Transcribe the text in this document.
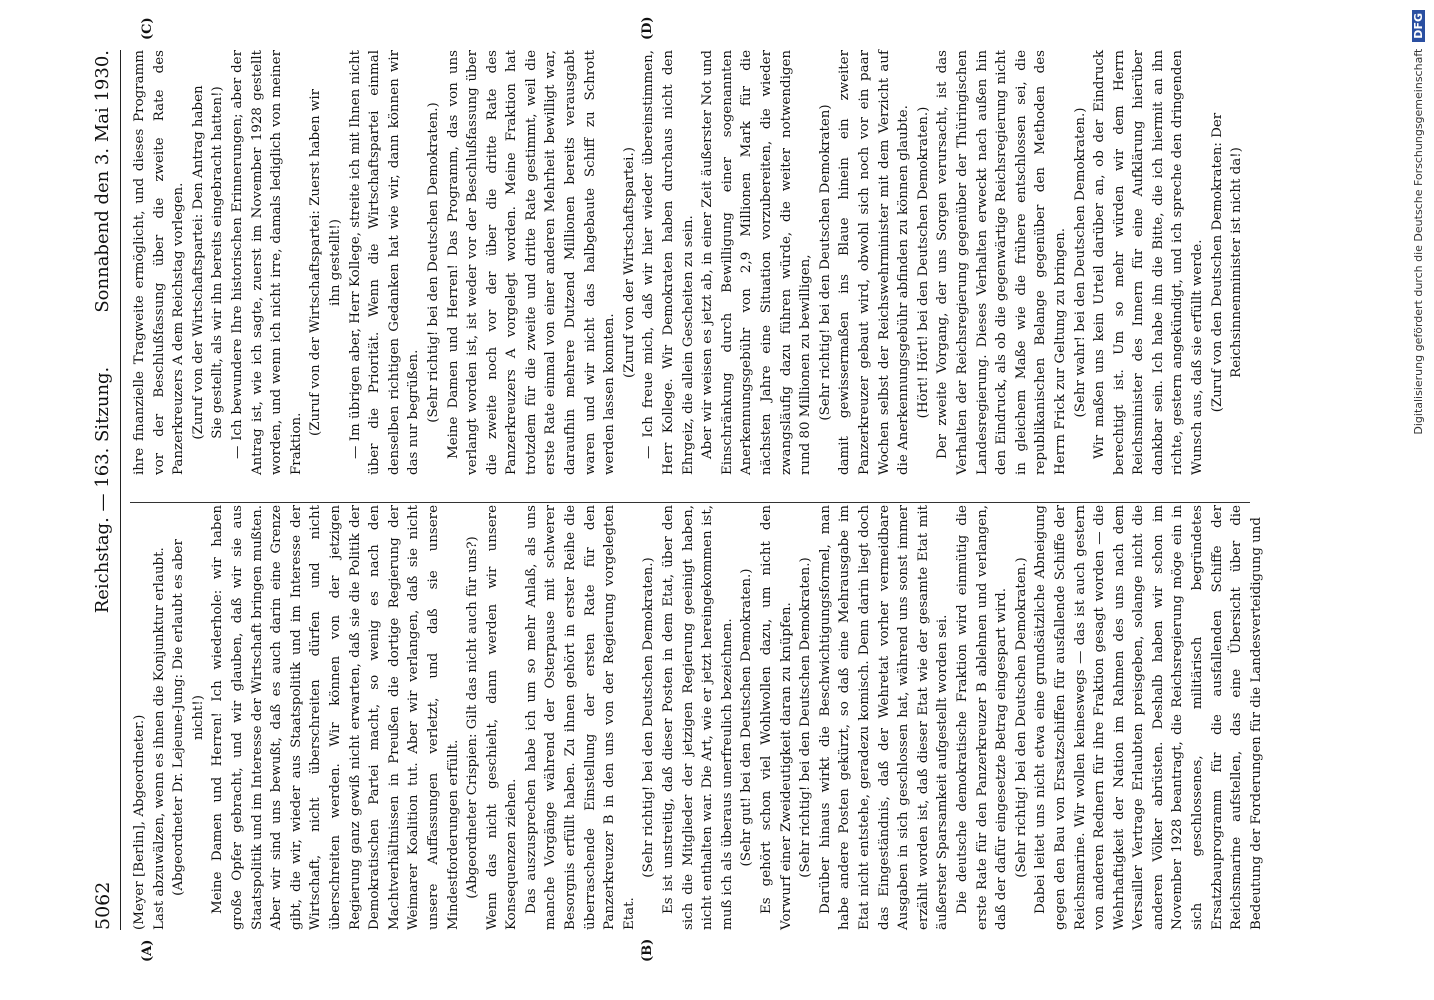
5062
Reichstag. — 163. Sitzung.
Sonnabend den 3. Mai 1930.
(A)	(B)
(C)	(D)

(Meyer [Berlin], Abgeordneter.) Last abzuwälzen, wenn es ihnen die Konjunktur erlaubt. (Abgeordneter Dr. Lejeune-Jung: Die erlaubt es aber nicht!) Meine Damen und Herren! Ich wiederhole: wir haben große Opfer gebracht, und wir glauben, daß wir sie aus Staatspolitik und im Interesse der Wirtschaft bringen mußten. Aber wir sind uns bewußt, daß es auch darin eine Grenze gibt, die wir, wieder aus Staatspolitik und im Interesse der Wirtschaft, nicht überschreiten dürfen und nicht überschreiten werden. Wir können von der jetzigen Regierung ganz gewiß nicht erwarten, daß sie die Politik der Demokratischen Partei macht, so wenig es nach den Machtverhältnissen in Preußen die dortige Regierung der Weimarer Koalition tut. Aber wir verlangen, daß sie nicht unsere Auffassungen verletzt, und daß sie unsere Mindestforderungen erfüllt. (Abgeordneter Crispien: Gilt das nicht auch für uns?) Wenn das nicht geschieht, dann werden wir unsere Konsequenzen ziehen. Das auszusprechen habe ich um so mehr Anlaß, als uns manche Vorgänge während der Osterpause mit schwerer Besorgnis erfüllt haben. Zu ihnen gehört in erster Reihe die überraschende Einstellung der ersten Rate für den Panzerkreuzer B in den uns von der Regierung vorgelegten Etat.

(Sehr richtig! bei den Deutschen Demokraten.) Es ist unstreitig, daß dieser Posten in dem Etat, über den sich die Mitglieder der jetzigen Regierung geeinigt haben, nicht enthalten war. Die Art, wie er jetzt hereingekommen ist, muß ich als überaus unerfreulich bezeichnen. (Sehr gut! bei den Deutschen Demokraten.) Es gehört schon viel Wohlwollen dazu, um nicht den Vorwurf einer Zweideutigkeit daran zu knüpfen. (Sehr richtig! bei den Deutschen Demokraten.) Darüber hinaus wirkt die Beschwichtigungsformel, man habe andere Posten gekürzt, so daß eine Mehrausgabe im Etat nicht entstehe, geradezu komisch. Denn darin liegt doch das Eingeständnis, daß der Wehretat vorher vermeidbare Ausgaben in sich geschlossen hat, während uns sonst immer erzählt worden ist, daß dieser Etat wie der gesamte Etat mit äußerster Sparsamkeit aufgestellt worden sei. Die deutsche demokratische Fraktion wird einmütig die erste Rate für den Panzerkreuzer B ablehnen und verlangen, daß der dafür eingesetzte Betrag eingespart wird. (Sehr richtig! bei den Deutschen Demokraten.) Dabei leitet uns nicht etwa eine grundsätzliche Abneigung gegen den Bau von Ersatzschiffen für ausfallende Schiffe der Reichsmarine. Wir wollen keineswegs — das ist auch gestern von anderen Rednern für ihre Fraktion gesagt worden — die Wehrhaftigkeit der Nation im Rahmen des uns nach dem Versailler Vertrage Erlaubten preisgeben, solange nicht die anderen Völker abrüsten. Deshalb haben wir schon im November 1928 beantragt, die Reichsregierung möge ein in sich geschlossenes, militärisch begründetes Ersatzbauprogramm für die ausfallenden Schiffe der Reichsmarine aufstellen, das eine Übersicht über die Bedeutung der Forderungen für die Landesverteidigung und

ihre finanzielle Tragweite ermöglicht, und dieses Programm vor der Beschlußfassung über die zweite Rate des Panzerkreuzers A dem Reichstag vorlegen. (Zuruf von der Wirtschaftspartei: Den Antrag haben Sie gestellt, als wir ihn bereits eingebracht hatten!) — Ich bewundere Ihre historischen Erinnerungen; aber der Antrag ist, wie ich sagte, zuerst im November 1928 gestellt worden, und wenn ich nicht irre, damals lediglich von meiner Fraktion.

(Zuruf von der Wirtschaftspartei: Zuerst haben wir ihn gestellt!) — Im übrigen aber, Herr Kollege, streite ich mit Ihnen nicht über die Priorität. Wenn die Wirtschaftspartei einmal denselben richtigen Gedanken hat wie wir, dann können wir das nur begrüßen. (Sehr richtig! bei den Deutschen Demokraten.) Meine Damen und Herren! Das Programm, das von uns verlangt worden ist, ist weder vor der Beschlußfassung über die zweite noch vor der über die dritte Rate des Panzerkreuzers A vorgelegt worden. Meine Fraktion hat trotzdem für die zweite und dritte Rate gestimmt, weil die erste Rate einmal von einer anderen Mehrheit bewilligt war, daraufhin mehrere Dutzend Millionen bereits verausgabt waren und wir nicht das halbgebaute Schiff zu Schrott werden lassen konnten.

(Zuruf von der Wirtschaftspartei.) — Ich freue mich, daß wir hier wieder übereinstimmen, Herr Kollege. Wir Demokraten haben durchaus nicht den Ehrgeiz, die allein Gescheiten zu sein. Aber wir weisen es jetzt ab, in einer Zeit äußerster Not und Einschränkung durch Bewilligung einer sogenannten Anerkennungsgebühr von 2,9 Millionen Mark für die nächsten Jahre eine Situation vorzubereiten, die wieder zwangsläufig dazu führen würde, die weiter notwendigen rund 80 Millionen zu bewilligen, (Sehr richtig! bei den Deutschen Demokraten) damit gewissermaßen ins Blaue hinein ein zweiter Panzerkreuzer gebaut wird, obwohl sich noch vor ein paar Wochen selbst der Reichswehrminister mit dem Verzicht auf die Anerkennungsgebühr abfinden zu können glaubte. (Hört! Hört! bei den Deutschen Demokraten.) Der zweite Vorgang, der uns Sorgen verursacht, ist das Verhalten der Reichsregierung gegenüber der Thüringischen Landesregierung. Dieses Verhalten erweckt nach außen hin den Eindruck, als ob die gegenwärtige Reichsregierung nicht in gleichem Maße wie die frühere entschlossen sei, die republikanischen Belange gegenüber den Methoden des Herrn Frick zur Geltung zu bringen. (Sehr wahr! bei den Deutschen Demokraten.) Wir maßen uns kein Urteil darüber an, ob der Eindruck berechtigt ist. Um so mehr würden wir dem Herrn Reichsminister des Innern für eine Aufklärung hierüber dankbar sein. Ich habe ihn die Bitte, die ich hiermit an ihn richte, gestern angekündigt, und ich spreche den dringenden Wunsch aus, daß sie erfüllt werde. (Zuruf von den Deutschen Demokraten: Der Reichsinnenminister ist nicht da!)	Digitalisierung gefördert durch die Deutsche Forschungsgemeinschaft  DFG
